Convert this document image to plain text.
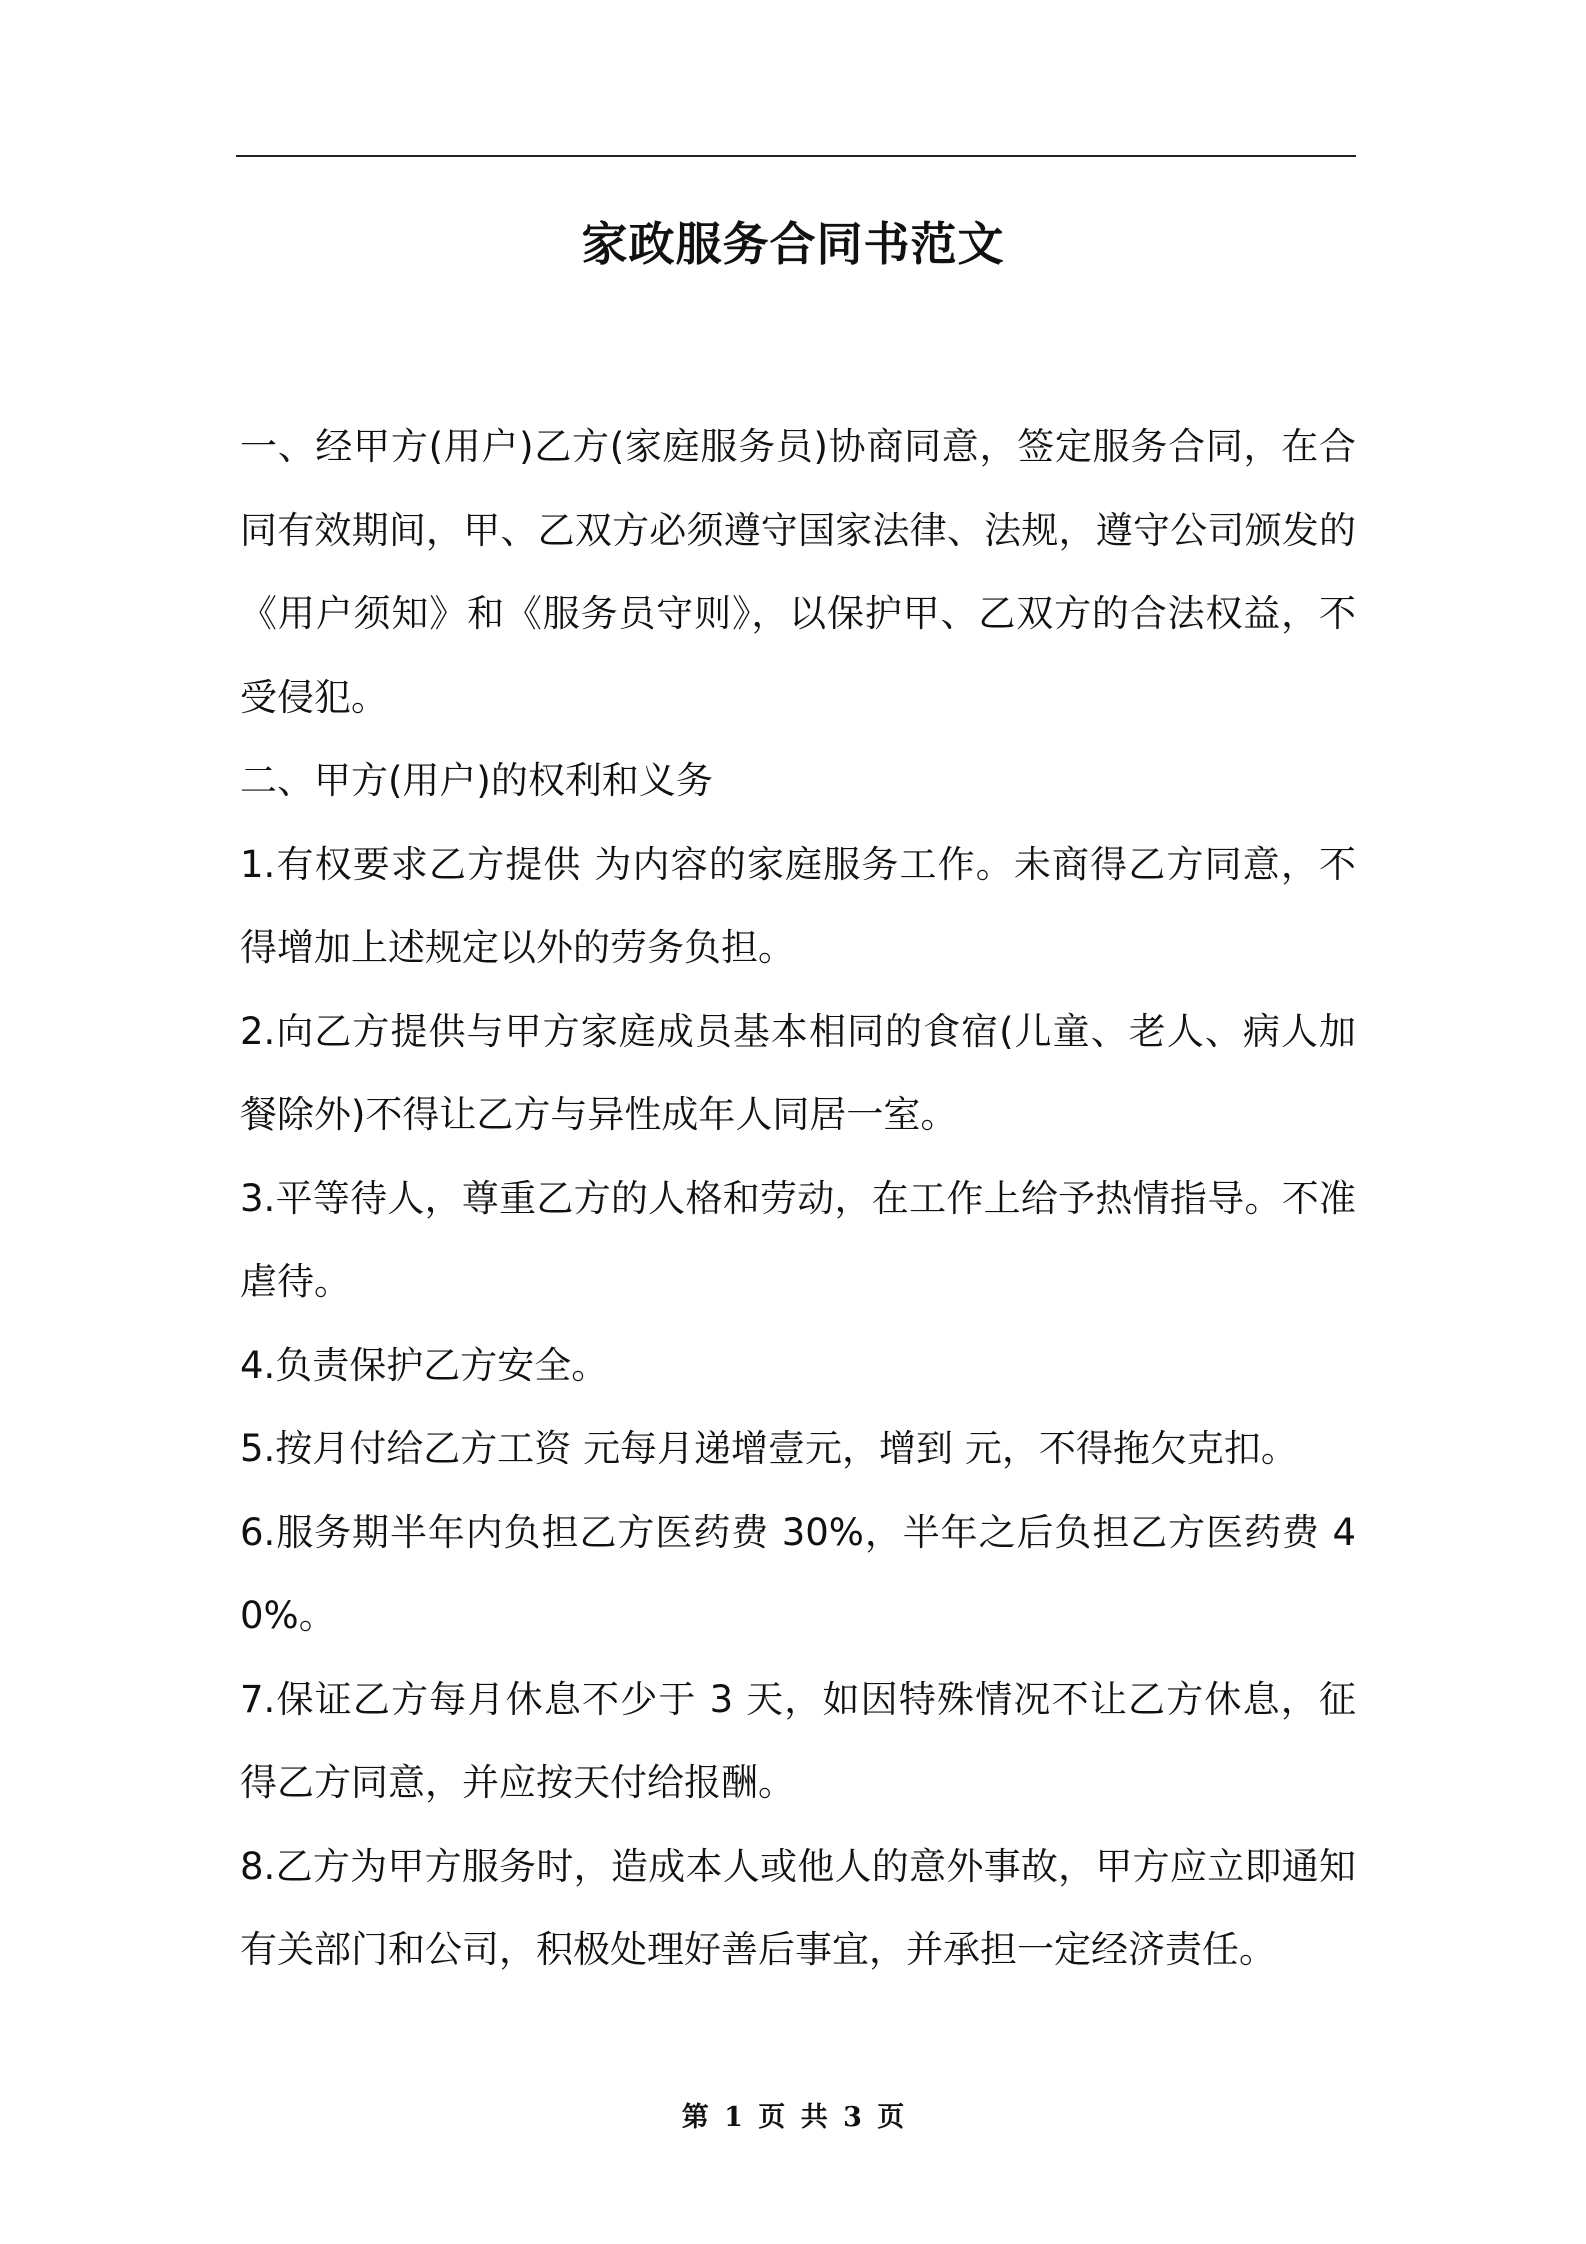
家政服务合同书范文

一、经甲方(用户)乙方(家庭服务员)协商同意，签定服务合同，在合同有效期间，甲、乙双方必须遵守国家法律、法规，遵守公司颁发的《用户须知》和《服务员守则》，以保护甲、乙双方的合法权益，不受侵犯。

二、甲方(用户)的权利和义务

1.有权要求乙方提供 为内容的家庭服务工作。未商得乙方同意，不得增加上述规定以外的劳务负担。

2.向乙方提供与甲方家庭成员基本相同的食宿(儿童、老人、病人加餐除外)不得让乙方与异性成年人同居一室。

3.平等待人，尊重乙方的人格和劳动，在工作上给予热情指导。不准虐待。

4.负责保护乙方安全。

5.按月付给乙方工资 元每月递增壹元，增到 元，不得拖欠克扣。

6.服务期半年内负担乙方医药费 30%，半年之后负担乙方医药费 40%。

7.保证乙方每月休息不少于 3 天，如因特殊情况不让乙方休息，征得乙方同意，并应按天付给报酬。

8.乙方为甲方服务时，造成本人或他人的意外事故，甲方应立即通知有关部门和公司，积极处理好善后事宜，并承担一定经济责任。

第 1 页 共 3 页
